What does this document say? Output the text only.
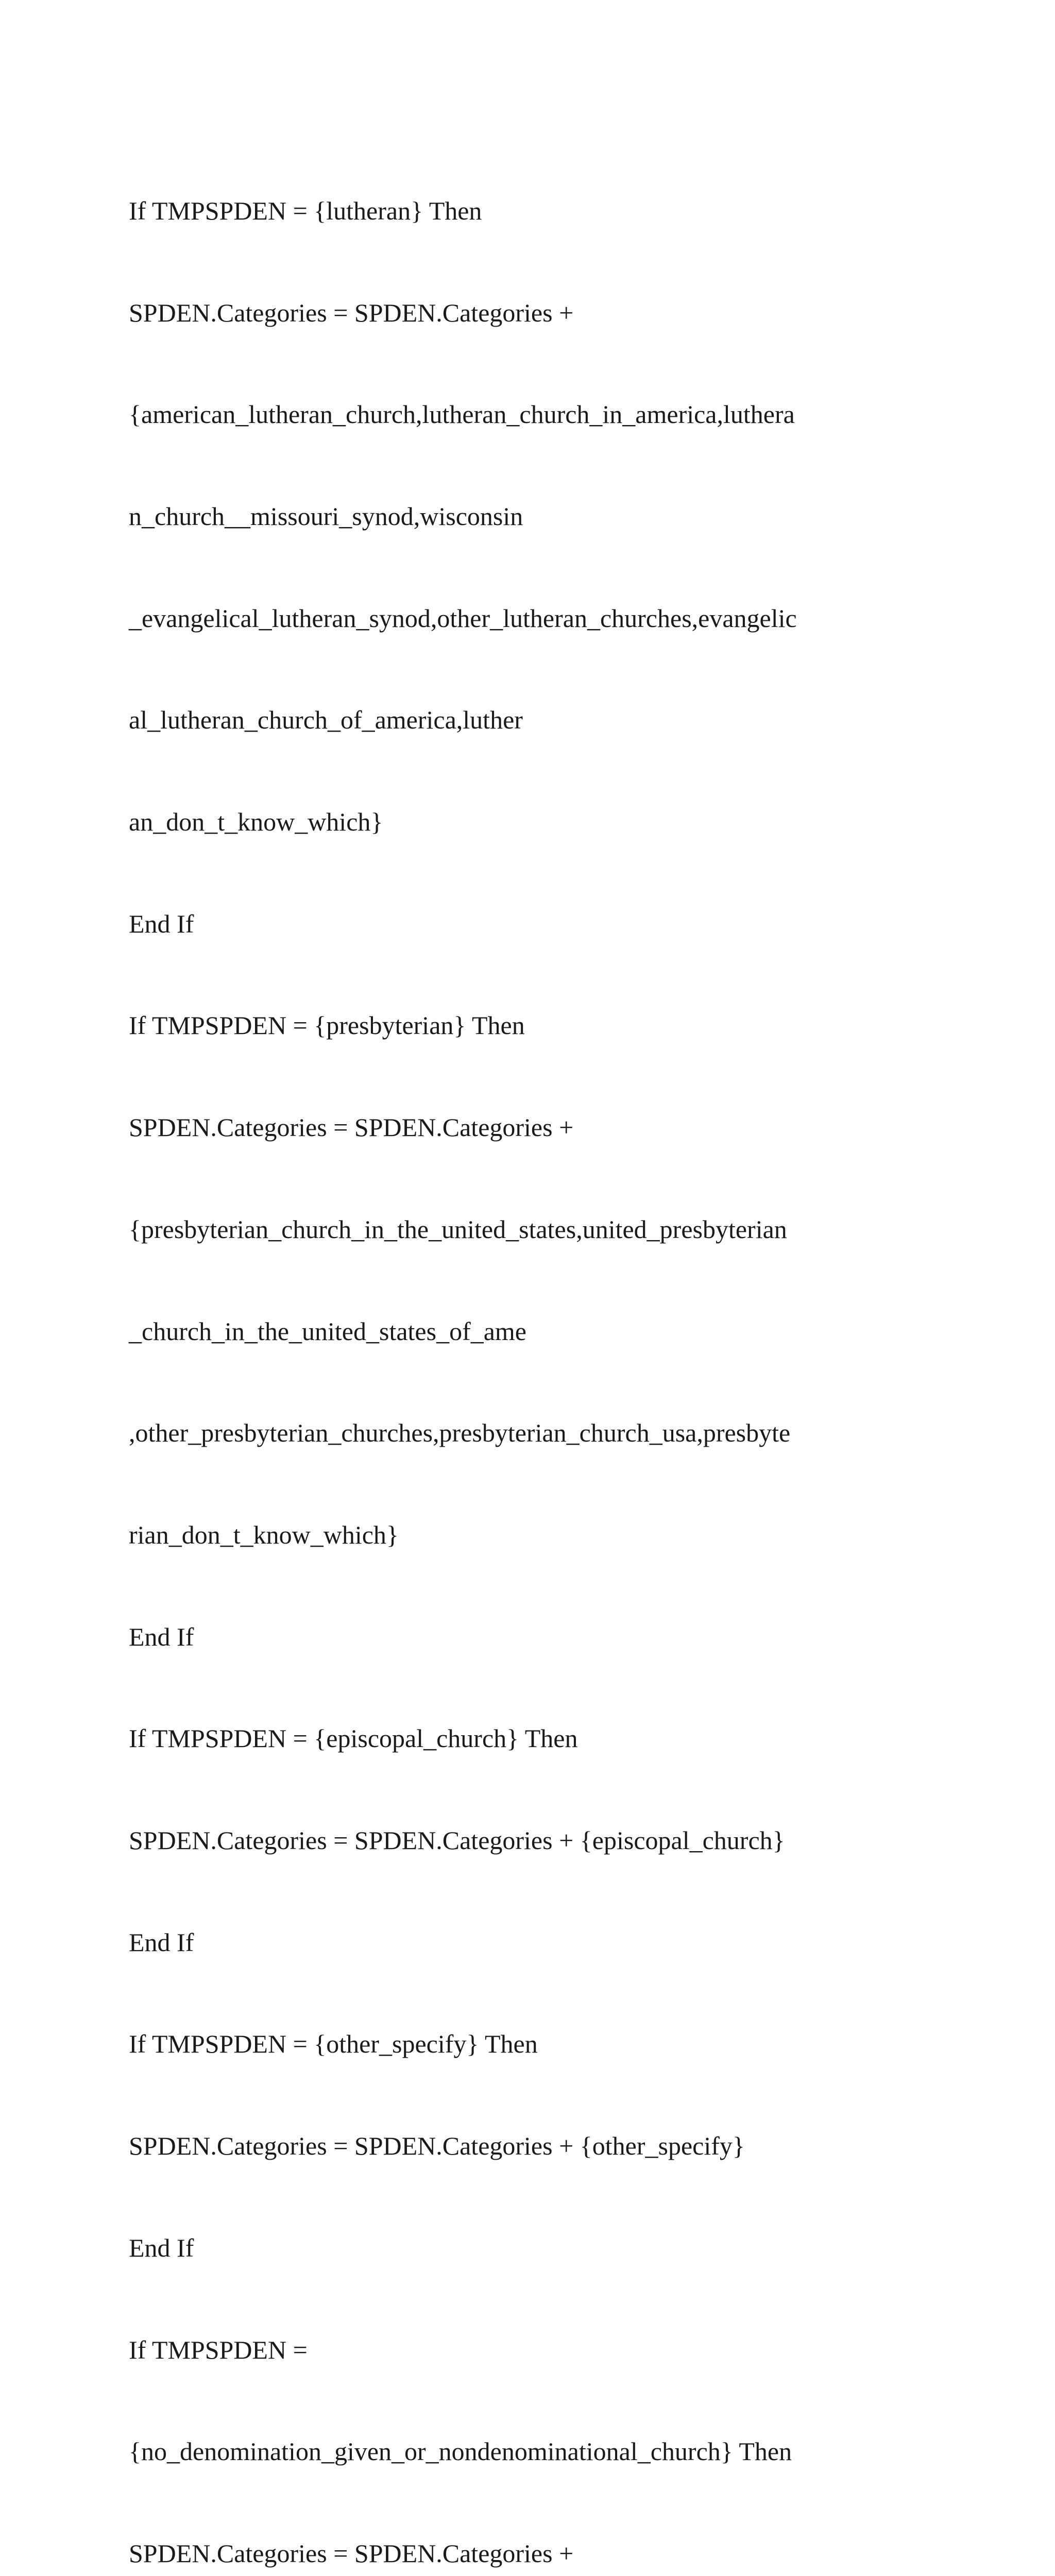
If TMPSPDEN = {lutheran} Then

SPDEN.Categories = SPDEN.Categories +

{american_lutheran_church,lutheran_church_in_america,luthera

n_church__missouri_synod,wisconsin

_evangelical_lutheran_synod,other_lutheran_churches,evangelic

al_lutheran_church_of_america,luther

an_don_t_know_which}

End If

If TMPSPDEN = {presbyterian} Then

SPDEN.Categories = SPDEN.Categories +

{presbyterian_church_in_the_united_states,united_presbyterian

_church_in_the_united_states_of_ame

,other_presbyterian_churches,presbyterian_church_usa,presbyte

rian_don_t_know_which}

End If

If TMPSPDEN = {episcopal_church} Then

SPDEN.Categories = SPDEN.Categories + {episcopal_church}

End If

If TMPSPDEN = {other_specify} Then

SPDEN.Categories = SPDEN.Categories + {other_specify}

End If

If TMPSPDEN =

{no_denomination_given_or_nondenominational_church} Then

SPDEN.Categories = SPDEN.Categories +
